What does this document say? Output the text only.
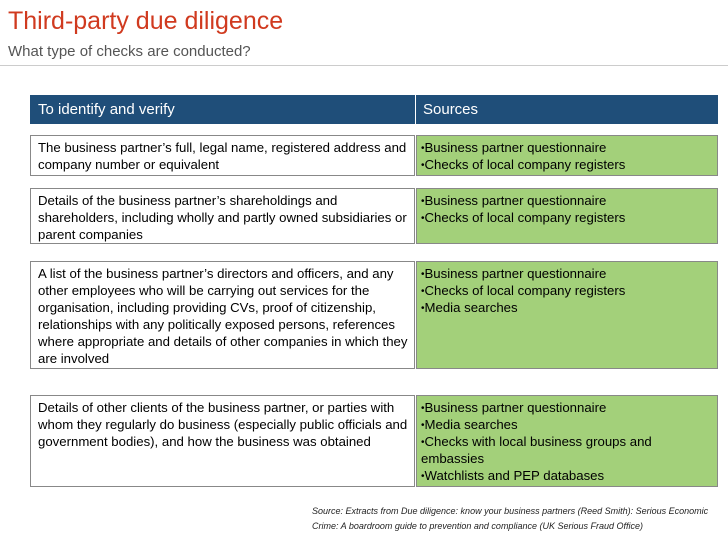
Third-party due diligence
What type of checks are conducted?
To identify and verify	Sources
The business partner’s full, legal name, registered address and company number or equivalent
•Business partner questionnaire
•Checks of local company registers
Details of the business partner’s shareholdings and shareholders, including wholly and partly owned subsidiaries or parent companies
•Business partner questionnaire
•Checks of local company registers
A list of the business partner’s directors and officers, and any other employees who will be carrying out services for the organisation, including providing CVs, proof of citizenship, relationships with any politically exposed persons, references where appropriate and details of other companies in which they are involved
•Business partner questionnaire
•Checks of local company registers
•Media searches
Details of other clients of the business partner, or parties with whom they regularly do business (especially public officials and government bodies), and how the business was obtained
•Business partner questionnaire
•Media searches
•Checks with local business groups and embassies
•Watchlists and PEP databases
Source: Extracts from Due diligence: know your business partners (Reed Smith): Serious Economic Crime: A boardroom guide to prevention and compliance (UK Serious Fraud Office)
